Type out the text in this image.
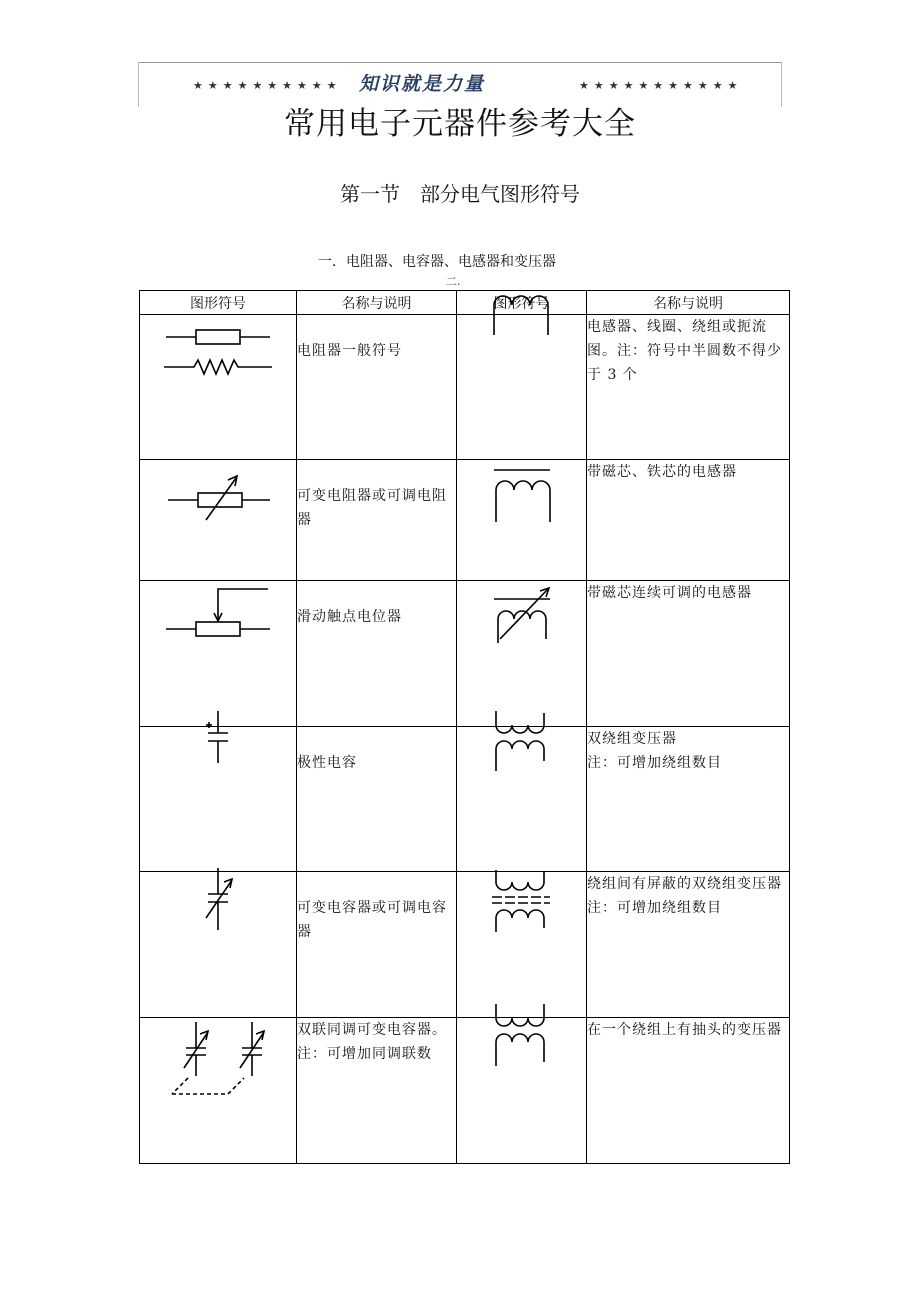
★★★★★★★★★★ 知识就是力量	★★★★★★★★★★★
常用电子元器件参考大全
第一节　部分电气图形符号
一．电阻器、电容器、电感器和变压器
二.
图形符号	名称与说明	图形符号	名称与说明

电阻器一般符号		电感器、线圈、绕组或扼流图。注：符号中半圆数不得少于 3 个

可变电阻器或可调电阻器		带磁芯、铁芯的电感器

滑动触点电位器		带磁芯连续可调的电感器

极性电容		双绕组变压器
注：可增加绕组数目

可变电容器或可调电容器		绕组间有屏蔽的双绕组变压器
注：可增加绕组数目

双联同调可变电容器。
注：可增加同调联数		在一个绕组上有抽头的变压器
